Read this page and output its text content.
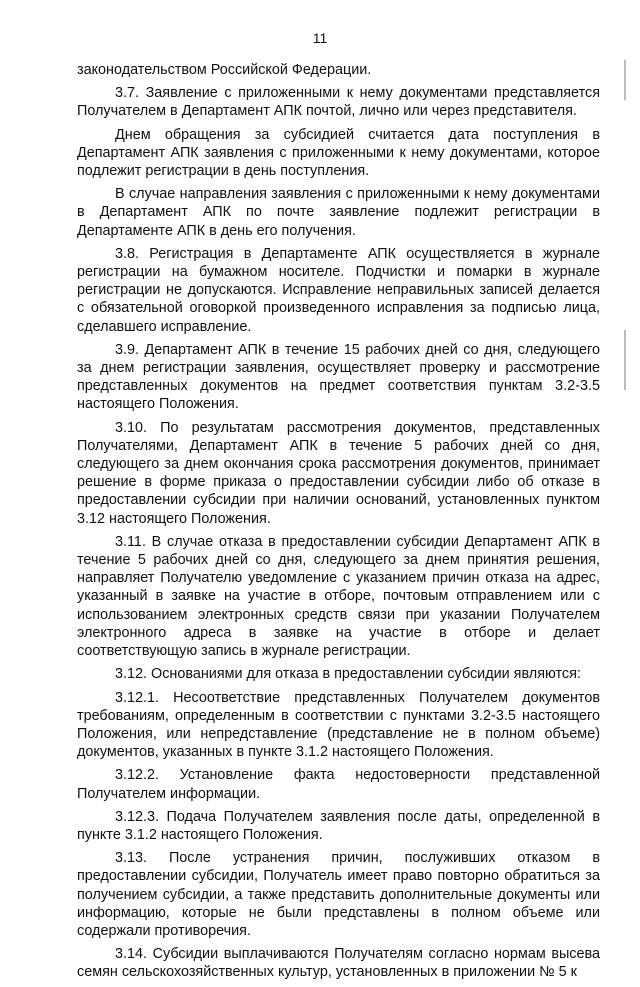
11

законодательством Российской Федерации.

3.7. Заявление с приложенными к нему документами представляется Получателем в Департамент АПК почтой, лично или через представителя.

Днем обращения за субсидией считается дата поступления в Департамент АПК заявления с приложенными к нему документами, которое подлежит регистрации в день поступления.

В случае направления заявления с приложенными к нему документами в Департамент АПК по почте заявление подлежит регистрации в Департаменте АПК в день его получения.

3.8. Регистрация в Департаменте АПК осуществляется в журнале регистрации на бумажном носителе. Подчистки и помарки в журнале регистрации не допускаются. Исправление неправильных записей делается с обязательной оговоркой произведенного исправления за подписью лица, сделавшего исправление.

3.9. Департамент АПК в течение 15 рабочих дней со дня, следующего за днем регистрации заявления, осуществляет проверку и рассмотрение представленных документов на предмет соответствия пунктам 3.2-3.5 настоящего Положения.

3.10. По результатам рассмотрения документов, представленных Получателями, Департамент АПК в течение 5 рабочих дней со дня, следующего за днем окончания срока рассмотрения документов, принимает решение в форме приказа о предоставлении субсидии либо об отказе в предоставлении субсидии при наличии оснований, установленных пунктом 3.12 настоящего Положения.

3.11. В случае отказа в предоставлении субсидии Департамент АПК в течение 5 рабочих дней со дня, следующего за днем принятия решения, направляет Получателю уведомление с указанием причин отказа на адрес, указанный в заявке на участие в отборе, почтовым отправлением или с использованием электронных средств связи при указании Получателем электронного адреса в заявке на участие в отборе и делает соответствующую запись в журнале регистрации.

3.12. Основаниями для отказа в предоставлении субсидии являются:

3.12.1. Несоответствие представленных Получателем документов требованиям, определенным в соответствии с пунктами 3.2-3.5 настоящего Положения, или непредставление (представление не в полном объеме) документов, указанных в пункте 3.1.2 настоящего Положения.

3.12.2. Установление факта недостоверности представленной Получателем информации.

3.12.3. Подача Получателем заявления после даты, определенной в пункте 3.1.2 настоящего Положения.

3.13. После устранения причин, послуживших отказом в предоставлении субсидии, Получатель имеет право повторно обратиться за получением субсидии, а также представить дополнительные документы или информацию, которые не были представлены в полном объеме или содержали противоречия.

3.14. Субсидии выплачиваются Получателям согласно нормам высева семян сельскохозяйственных культур, установленных в приложении № 5 к
